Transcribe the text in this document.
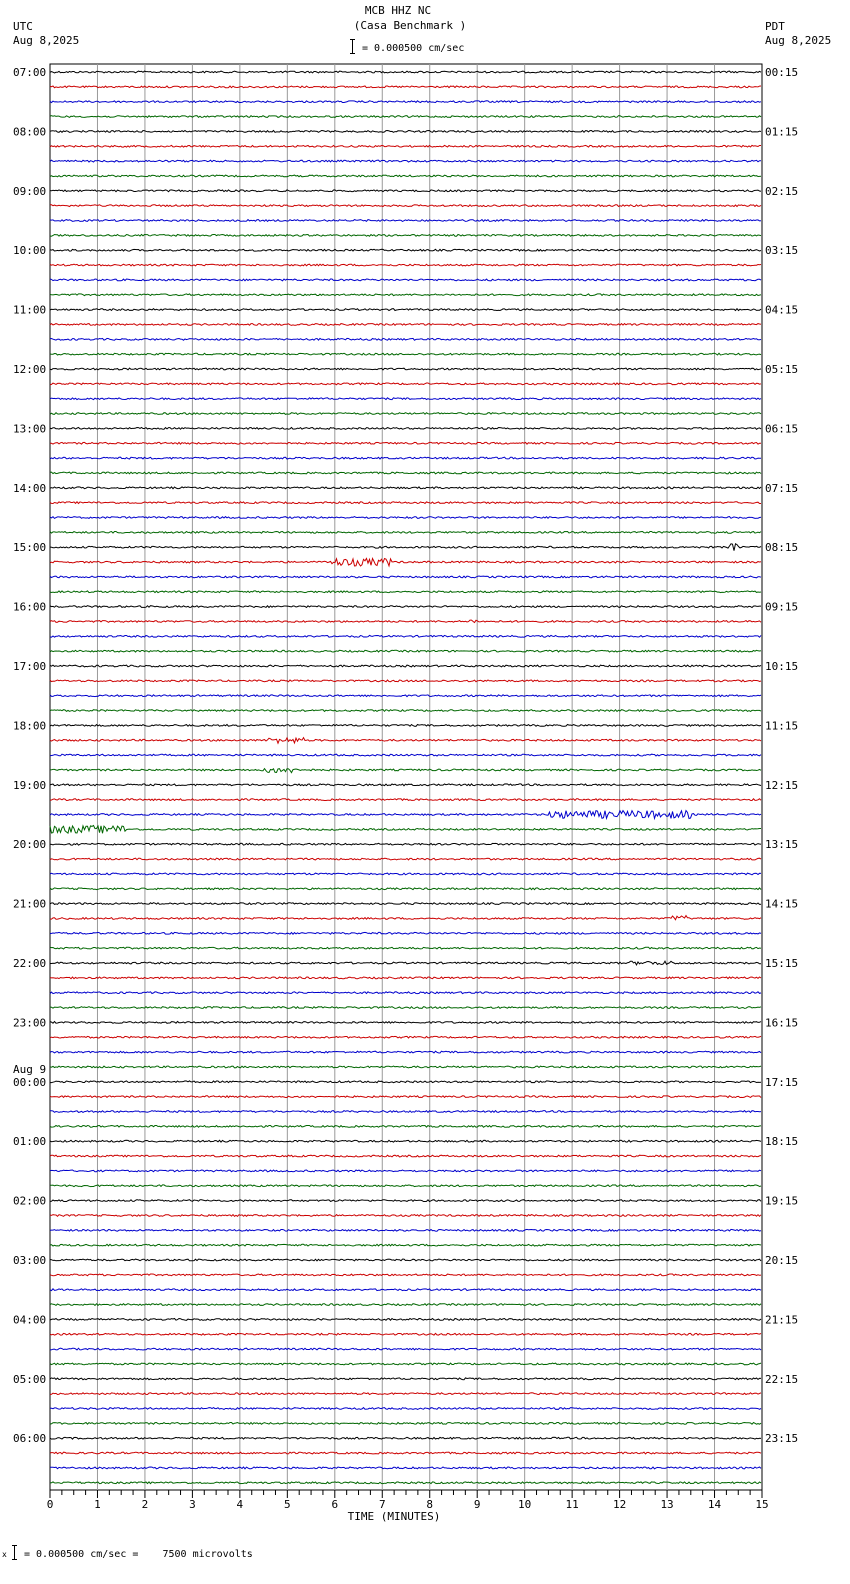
MCB HHZ NC
(Casa Benchmark )
UTC
Aug 8,2025
PDT
Aug 8,2025
= 0.000500 cm/sec
07:00
08:00
09:00
10:00
11:00
12:00
13:00
14:00
15:00
16:00
17:00
18:00
19:00
20:00
21:00
22:00
23:00
00:00
Aug 9
01:00
02:00
03:00
04:00
05:00
06:00
00:15
01:15
02:15
03:15
04:15
05:15
06:15
07:15
08:15
09:15
10:15
11:15
12:15
13:15
14:15
15:15
16:15
17:15
18:15
19:15
20:15
21:15
22:15
23:15
0	1	2	3	4	5	6	7	8	9	10	11	12	13	14	15
TIME (MINUTES)
x = 0.000500 cm/sec =    7500 microvolts
